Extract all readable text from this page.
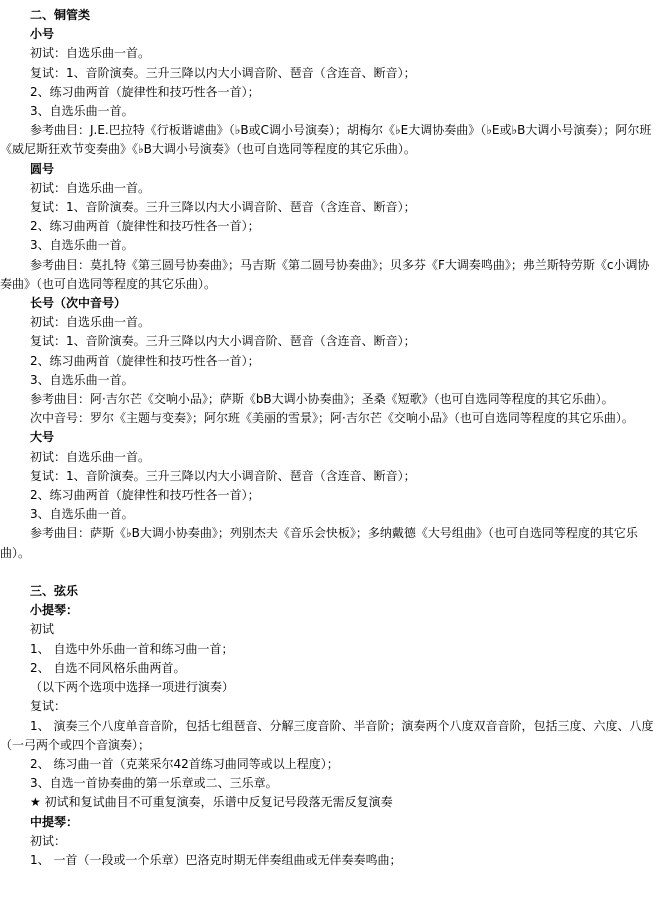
二、铜管类

小号

初试：自选乐曲一首。

复试：1、音阶演奏。三升三降以内大小调音阶、琶音（含连音、断音）；

2、练习曲两首（旋律性和技巧性各一首）；

3、自选乐曲一首。

参考曲目：J.E.巴拉特《行板谐谑曲》（♭B或C调小号演奏）；胡梅尔《♭E大调协奏曲》（♭E或♭B大调小号演奏）；阿尔班《威尼斯狂欢节变奏曲》《♭B大调小号演奏》（也可自选同等程度的其它乐曲）。

圆号

初试：自选乐曲一首。

复试：1、音阶演奏。三升三降以内大小调音阶、琶音（含连音、断音）；

2、练习曲两首（旋律性和技巧性各一首）；

3、自选乐曲一首。

参考曲目：莫扎特《第三圆号协奏曲》；马吉斯《第二圆号协奏曲》；贝多芬《F大调奏鸣曲》；弗兰斯特劳斯《c小调协奏曲》（也可自选同等程度的其它乐曲）。

长号（次中音号）

初试：自选乐曲一首。

复试：1、音阶演奏。三升三降以内大小调音阶、琶音（含连音、断音）；

2、练习曲两首（旋律性和技巧性各一首）；

3、自选乐曲一首。

参考曲目：阿·吉尔芒《交响小品》；萨斯《bB大调小协奏曲》；圣桑《短歌》（也可自选同等程度的其它乐曲）。

次中音号：罗尔《主题与变奏》；阿尔班《美丽的雪景》；阿·吉尔芒《交响小品》（也可自选同等程度的其它乐曲）。

大号

初试：自选乐曲一首。

复试：1、音阶演奏。三升三降以内大小调音阶、琶音（含连音、断音）；

2、练习曲两首（旋律性和技巧性各一首）；

3、自选乐曲一首。

参考曲目：萨斯《♭B大调小协奏曲》；列别杰夫《音乐会快板》；多纳戴德《大号组曲》（也可自选同等程度的其它乐曲）。

三、弦乐

小提琴：

初试

1、 自选中外乐曲一首和练习曲一首；

2、 自选不同风格乐曲两首。

（以下两个选项中选择一项进行演奏）

复试：

1、 演奏三个八度单音音阶，包括七组琶音、分解三度音阶、半音阶；演奏两个八度双音音阶，包括三度、六度、八度（一弓两个或四个音演奏）；

2、 练习曲一首（克莱采尔42首练习曲同等或以上程度）；

3、自选一首协奏曲的第一乐章或二、三乐章。

★ 初试和复试曲目不可重复演奏，乐谱中反复记号段落无需反复演奏

中提琴：

初试：

1、 一首（一段或一个乐章）巴洛克时期无伴奏组曲或无伴奏奏鸣曲；
